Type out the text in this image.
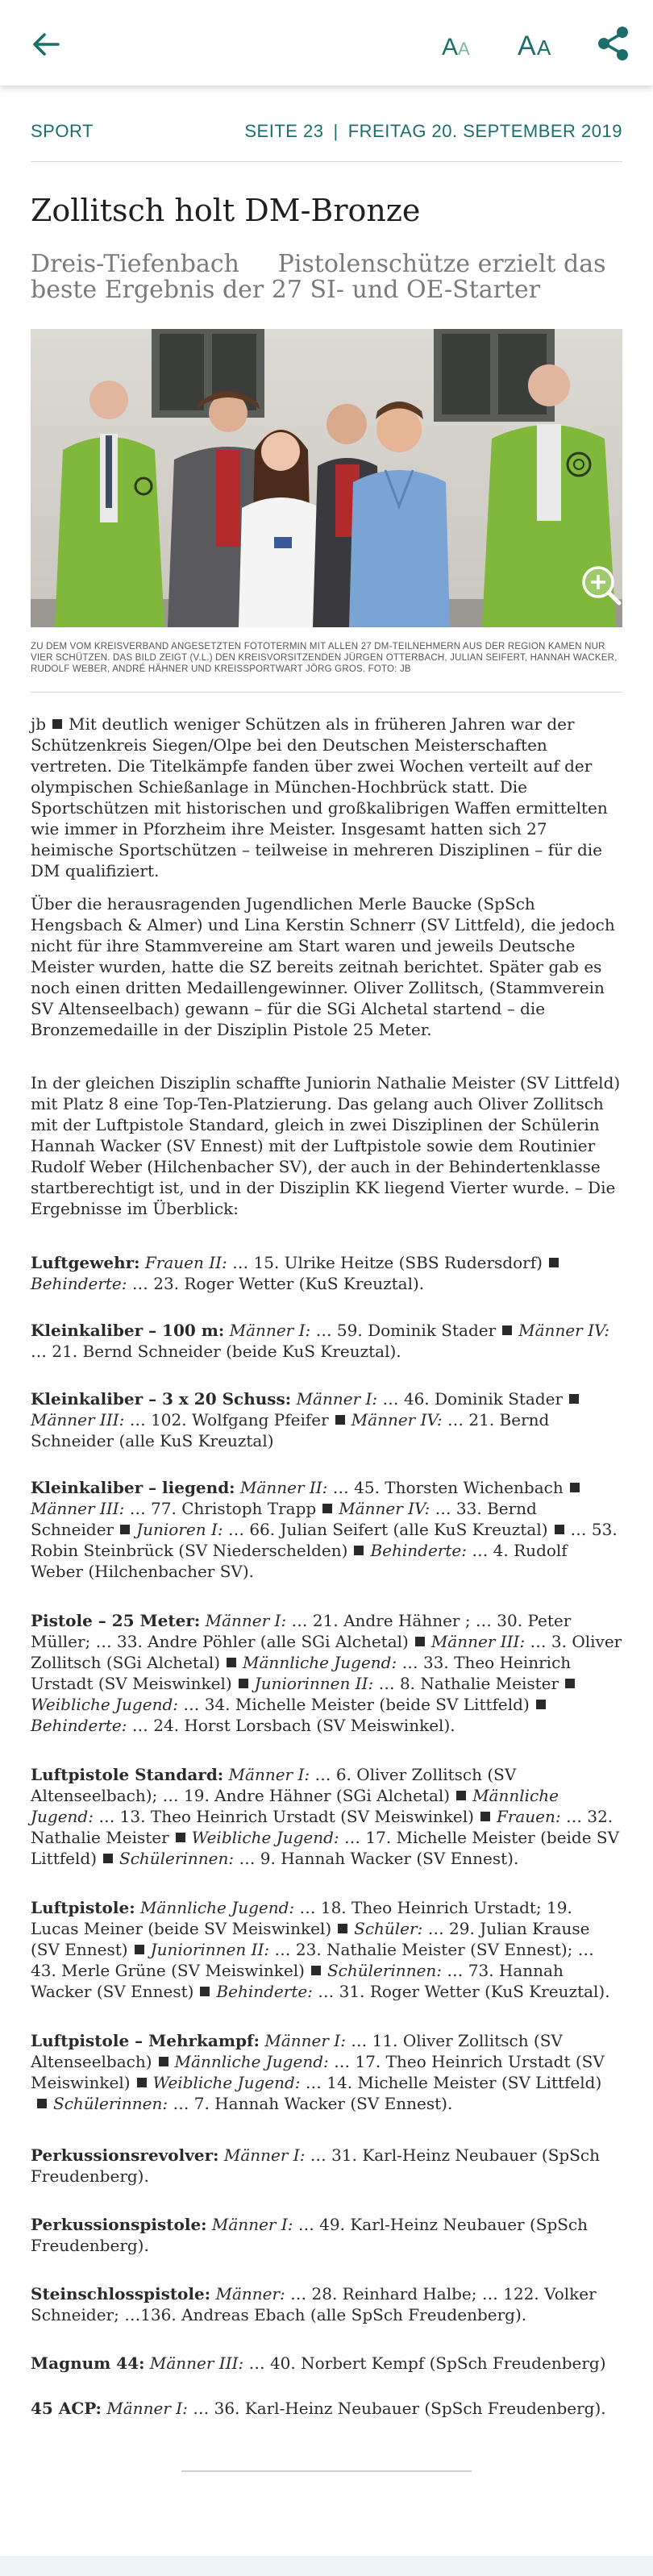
A A A A
SPORT	SEITE 23 | FREITAG 20. SEPTEMBER 2019
Zollitsch holt DM-Bronze

Dreis-Tiefenbach     Pistolenschütze erzielt das beste Ergebnis der 27 SI- und OE-Starter

ZU DEM VOM KREISVERBAND ANGESETZTEN FOTOTERMIN MIT ALLEN 27 DM-TEILNEHMERN AUS DER REGION KAMEN NUR VIER SCHÜTZEN. DAS BILD ZEIGT (V.L.) DEN KREISVORSITZENDEN JÜRGEN OTTERBACH, JULIAN SEIFERT, HANNAH WACKER, RUDOLF WEBER, ANDRÉ HÄHNER UND KREISSPORTWART JÖRG GROS. FOTO: JB

jb Mit deutlich weniger Schützen als in früheren Jahren war der Schützenkreis Siegen/Olpe bei den Deutschen Meisterschaften vertreten. Die Titelkämpfe fanden über zwei Wochen verteilt auf der olympischen Schießanlage in München-Hochbrück statt. Die Sportschützen mit historischen und großkalibrigen Waffen ermittelten wie immer in Pforzheim ihre Meister. Insgesamt hatten sich 27 heimische Sportschützen – teilweise in mehreren Disziplinen – für die DM qualifiziert.

Über die herausragenden Jugendlichen Merle Baucke (SpSch Hengsbach & Almer) und Lina Kerstin Schnerr (SV Littfeld), die jedoch nicht für ihre Stammvereine am Start waren und jeweils Deutsche Meister wurden, hatte die SZ bereits zeitnah berichtet. Später gab es noch einen dritten Medaillengewinner. Oliver Zollitsch, (Stammverein SV Altenseelbach) gewann – für die SGi Alchetal startend – die Bronzemedaille in der Disziplin Pistole 25 Meter.

In der gleichen Disziplin schaffte Juniorin Nathalie Meister (SV Littfeld) mit Platz 8 eine Top-Ten-Platzierung. Das gelang auch Oliver Zollitsch mit der Luftpistole Standard, gleich in zwei Disziplinen der Schülerin Hannah Wacker (SV Ennest) mit der Luftpistole sowie dem Routinier Rudolf Weber (Hilchenbacher SV), der auch in der Behindertenklasse startberechtigt ist, und in der Disziplin KK liegend Vierter wurde. – Die Ergebnisse im Überblick:

Luftgewehr: Frauen II: … 15. Ulrike Heitze (SBS Rudersdorf)Behinderte: … 23. Roger Wetter (KuS Kreuztal).

Kleinkaliber – 100 m: Männer I: … 59. Dominik Stader Männer IV: … 21. Bernd Schneider (beide KuS Kreuztal).

Kleinkaliber – 3 x 20 Schuss: Männer I: … 46. Dominik StaderMänner III: … 102. Wolfgang Pfeifer Männer IV: … 21. Bernd Schneider (alle KuS Kreuztal)

Kleinkaliber – liegend: Männer II: … 45. Thorsten WichenbachMänner III: … 77. Christoph Trapp Männer IV: … 33. Bernd Schneider Junioren I: … 66. Julian Seifert (alle KuS Kreuztal) … 53. Robin Steinbrück (SV Niederschelden) Behinderte: … 4. Rudolf Weber (Hilchenbacher SV).

Pistole – 25 Meter: Männer I: … 21. Andre Hähner ; … 30. Peter Müller; … 33. Andre Pöhler (alle SGi Alchetal) Männer III: … 3. Oliver Zollitsch (SGi Alchetal) Männliche Jugend: … 33. Theo Heinrich Urstadt (SV Meiswinkel) Juniorinnen II: … 8. Nathalie MeisterWeibliche Jugend: … 34. Michelle Meister (beide SV Littfeld)Behinderte: … 24. Horst Lorsbach (SV Meiswinkel).

Luftpistole Standard: Männer I: … 6. Oliver Zollitsch (SV Altenseelbach); … 19. Andre Hähner (SGi Alchetal) Männliche Jugend: … 13. Theo Heinrich Urstadt (SV Meiswinkel) Frauen: … 32. Nathalie Meister Weibliche Jugend: … 17. Michelle Meister (beide SV Littfeld) Schülerinnen: … 9. Hannah Wacker (SV Ennest).

Luftpistole: Männliche Jugend: … 18. Theo Heinrich Urstadt; 19. Lucas Meiner (beide SV Meiswinkel) Schüler: … 29. Julian Krause (SV Ennest) Juniorinnen II: … 23. Nathalie Meister (SV Ennest); … 43. Merle Grüne (SV Meiswinkel) Schülerinnen: … 73. Hannah Wacker (SV Ennest) Behinderte: … 31. Roger Wetter (KuS Kreuztal).

Luftpistole – Mehrkampf: Männer I: … 11. Oliver Zollitsch (SV Altenseelbach) Männliche Jugend: … 17. Theo Heinrich Urstadt (SV Meiswinkel) Weibliche Jugend: … 14. Michelle Meister (SV Littfeld)Schülerinnen: … 7. Hannah Wacker (SV Ennest).

Perkussionsrevolver: Männer I: … 31. Karl-Heinz Neubauer (SpSch Freudenberg).

Perkussionspistole: Männer I: … 49. Karl-Heinz Neubauer (SpSch Freudenberg).

Steinschlosspistole: Männer: … 28. Reinhard Halbe; … 122. Volker Schneider; …136. Andreas Ebach (alle SpSch Freudenberg).

Magnum 44: Männer III: … 40. Norbert Kempf (SpSch Freudenberg)

45 ACP: Männer I: … 36. Karl-Heinz Neubauer (SpSch Freudenberg).
